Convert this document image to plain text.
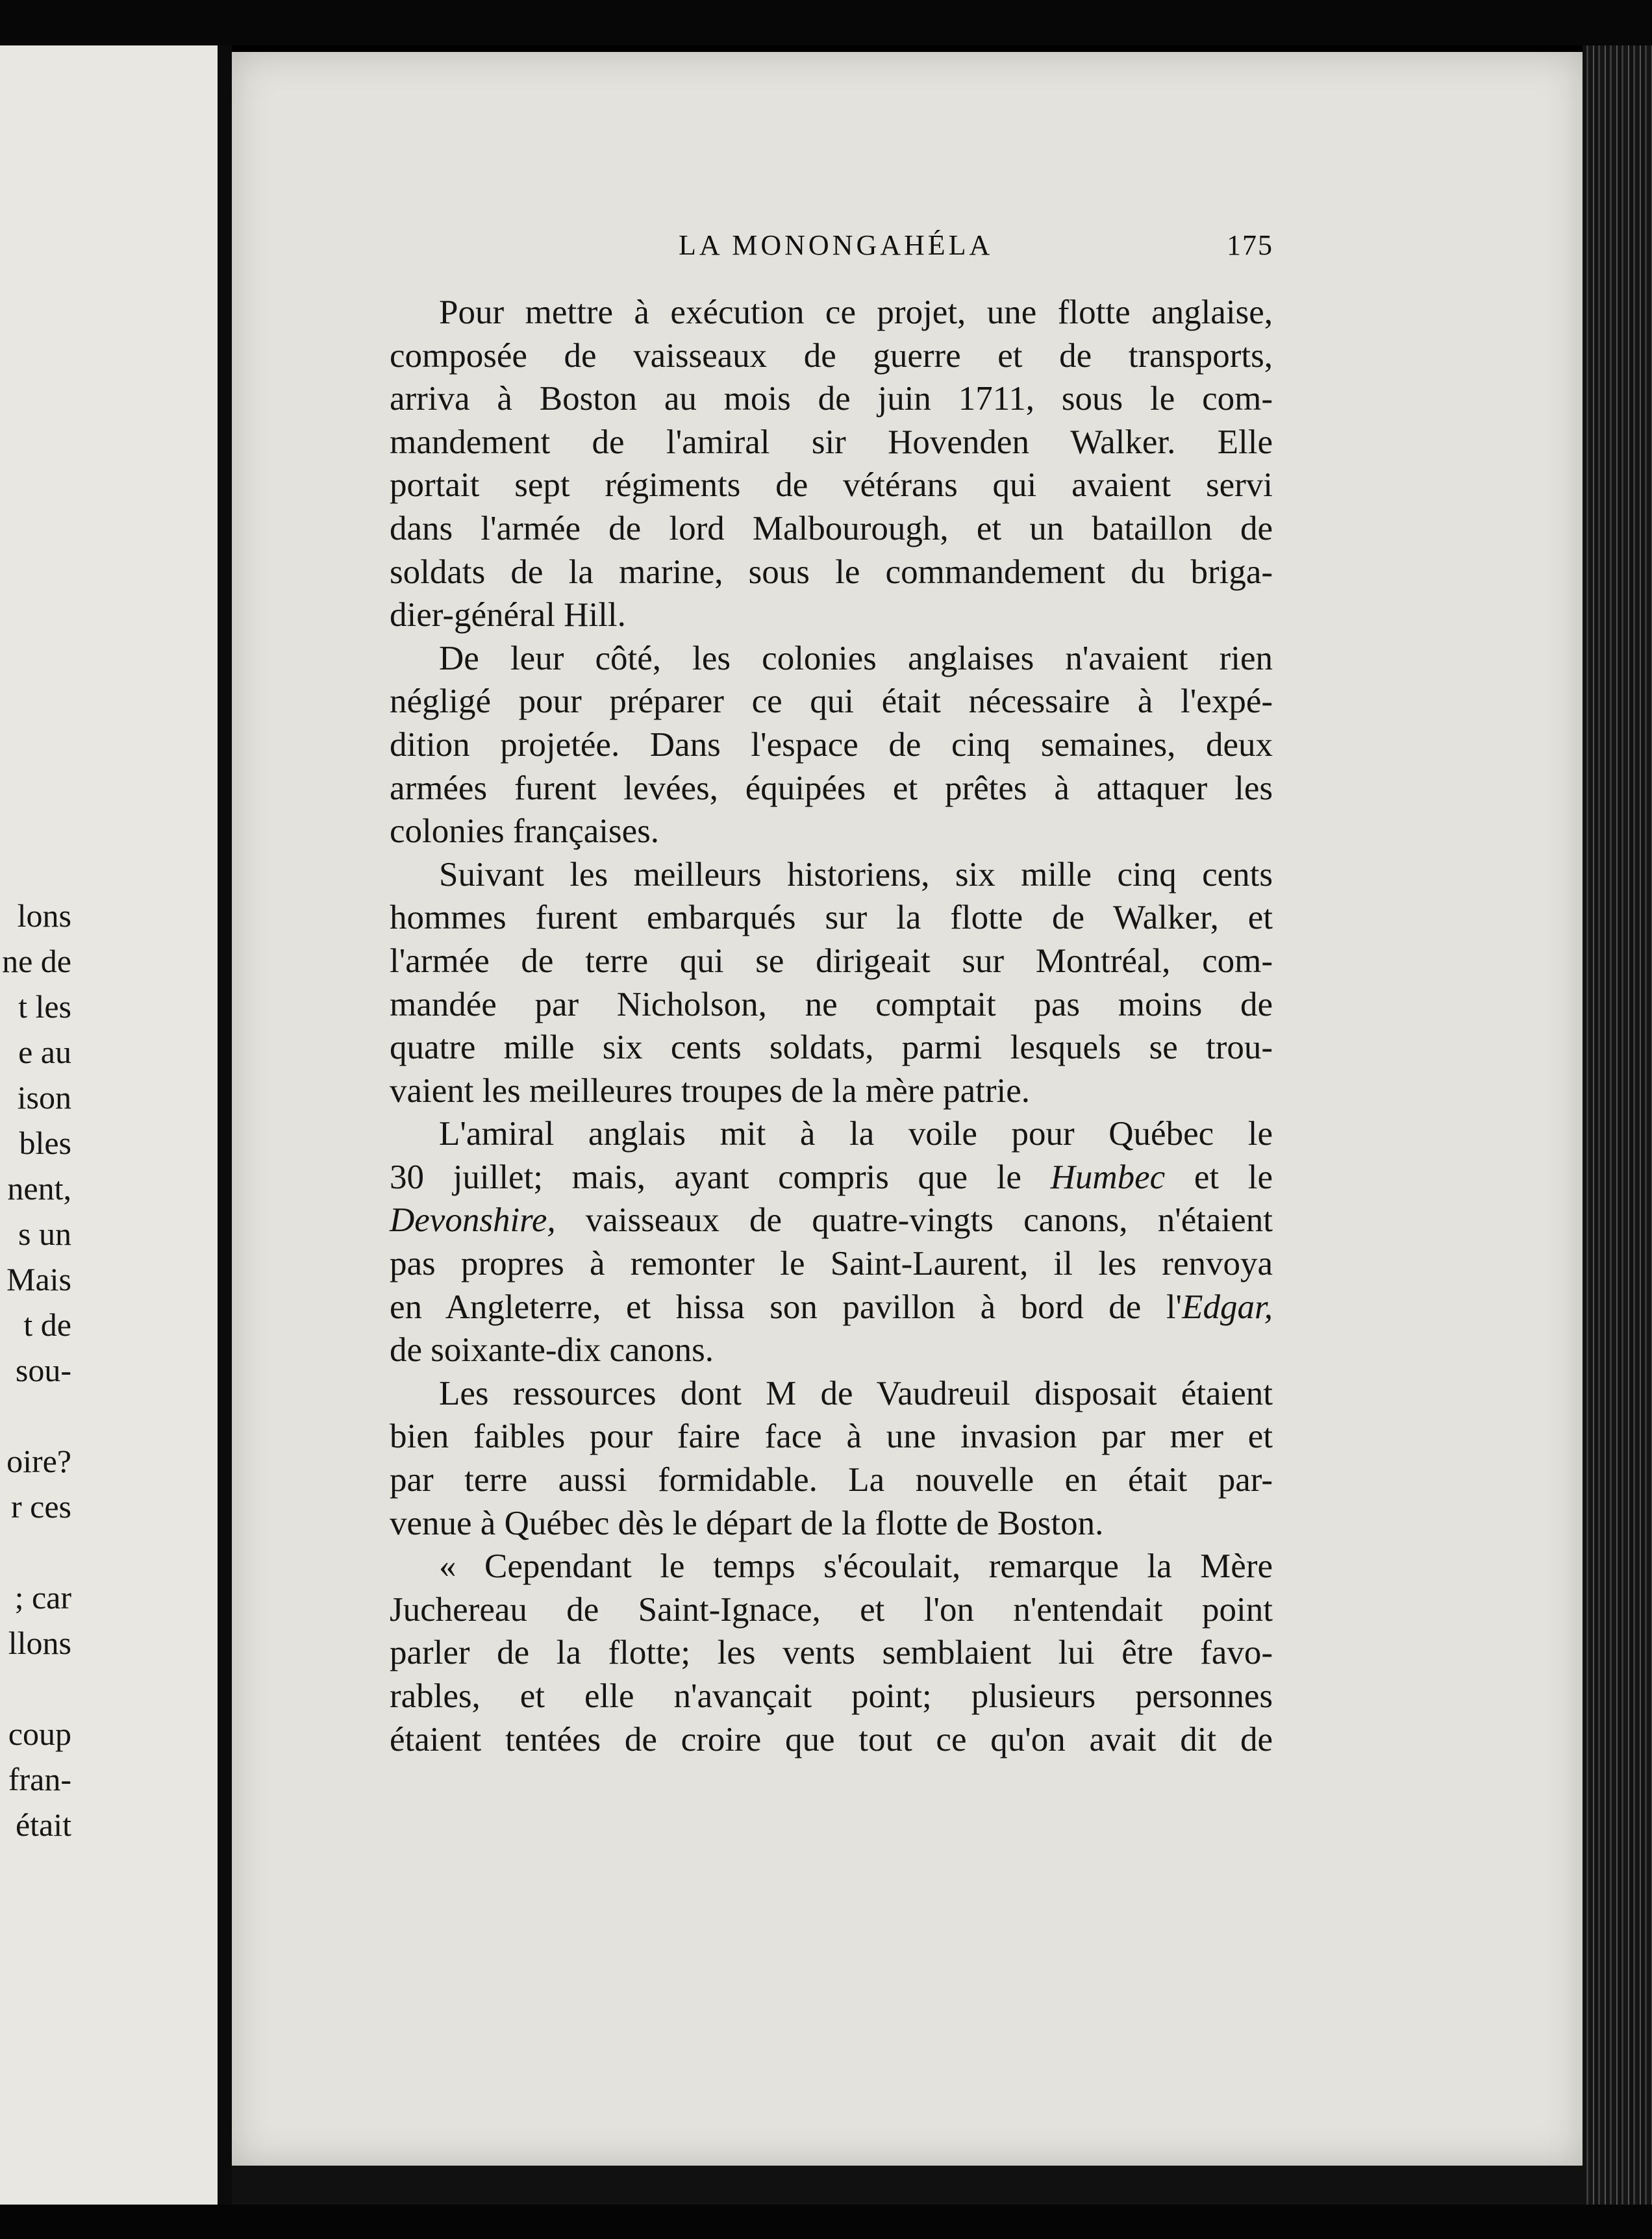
lons
ne de
t les
e au
ison
bles
nent,
s un
Mais
t de
sou-
oire?
r ces
; car
llons
coup
fran-
était
LA MONONGAHÉLA	175
Pour mettre à exécution ce projet, une flotte anglaise,
composée de vaisseaux de guerre et de transports,
arriva à Boston au mois de juin 1711, sous le com-
mandement de l'amiral sir Hovenden Walker. Elle
portait sept régiments de vétérans qui avaient servi
dans l'armée de lord Malbourough, et un bataillon de
soldats de la marine, sous le commandement du briga-
dier-général Hill.
De leur côté, les colonies anglaises n'avaient rien
négligé pour préparer ce qui était nécessaire à l'expé-
dition projetée. Dans l'espace de cinq semaines, deux
armées furent levées, équipées et prêtes à attaquer les
colonies françaises.
Suivant les meilleurs historiens, six mille cinq cents
hommes furent embarqués sur la flotte de Walker, et
l'armée de terre qui se dirigeait sur Montréal, com-
mandée par Nicholson, ne comptait pas moins de
quatre mille six cents soldats, parmi lesquels se trou-
vaient les meilleures troupes de la mère patrie.
L'amiral anglais mit à la voile pour Québec le
30 juillet; mais, ayant compris que le Humbec et le
Devonshire, vaisseaux de quatre-vingts canons, n'étaient
pas propres à remonter le Saint-Laurent, il les renvoya
en Angleterre, et hissa son pavillon à bord de l'Edgar,
de soixante-dix canons.
Les ressources dont M de Vaudreuil disposait étaient
bien faibles pour faire face à une invasion par mer et
par terre aussi formidable. La nouvelle en était par-
venue à Québec dès le départ de la flotte de Boston.
« Cependant le temps s'écoulait, remarque la Mère
Juchereau de Saint-Ignace, et l'on n'entendait point
parler de la flotte; les vents semblaient lui être favo-
rables, et elle n'avançait point; plusieurs personnes
étaient tentées de croire que tout ce qu'on avait dit de
